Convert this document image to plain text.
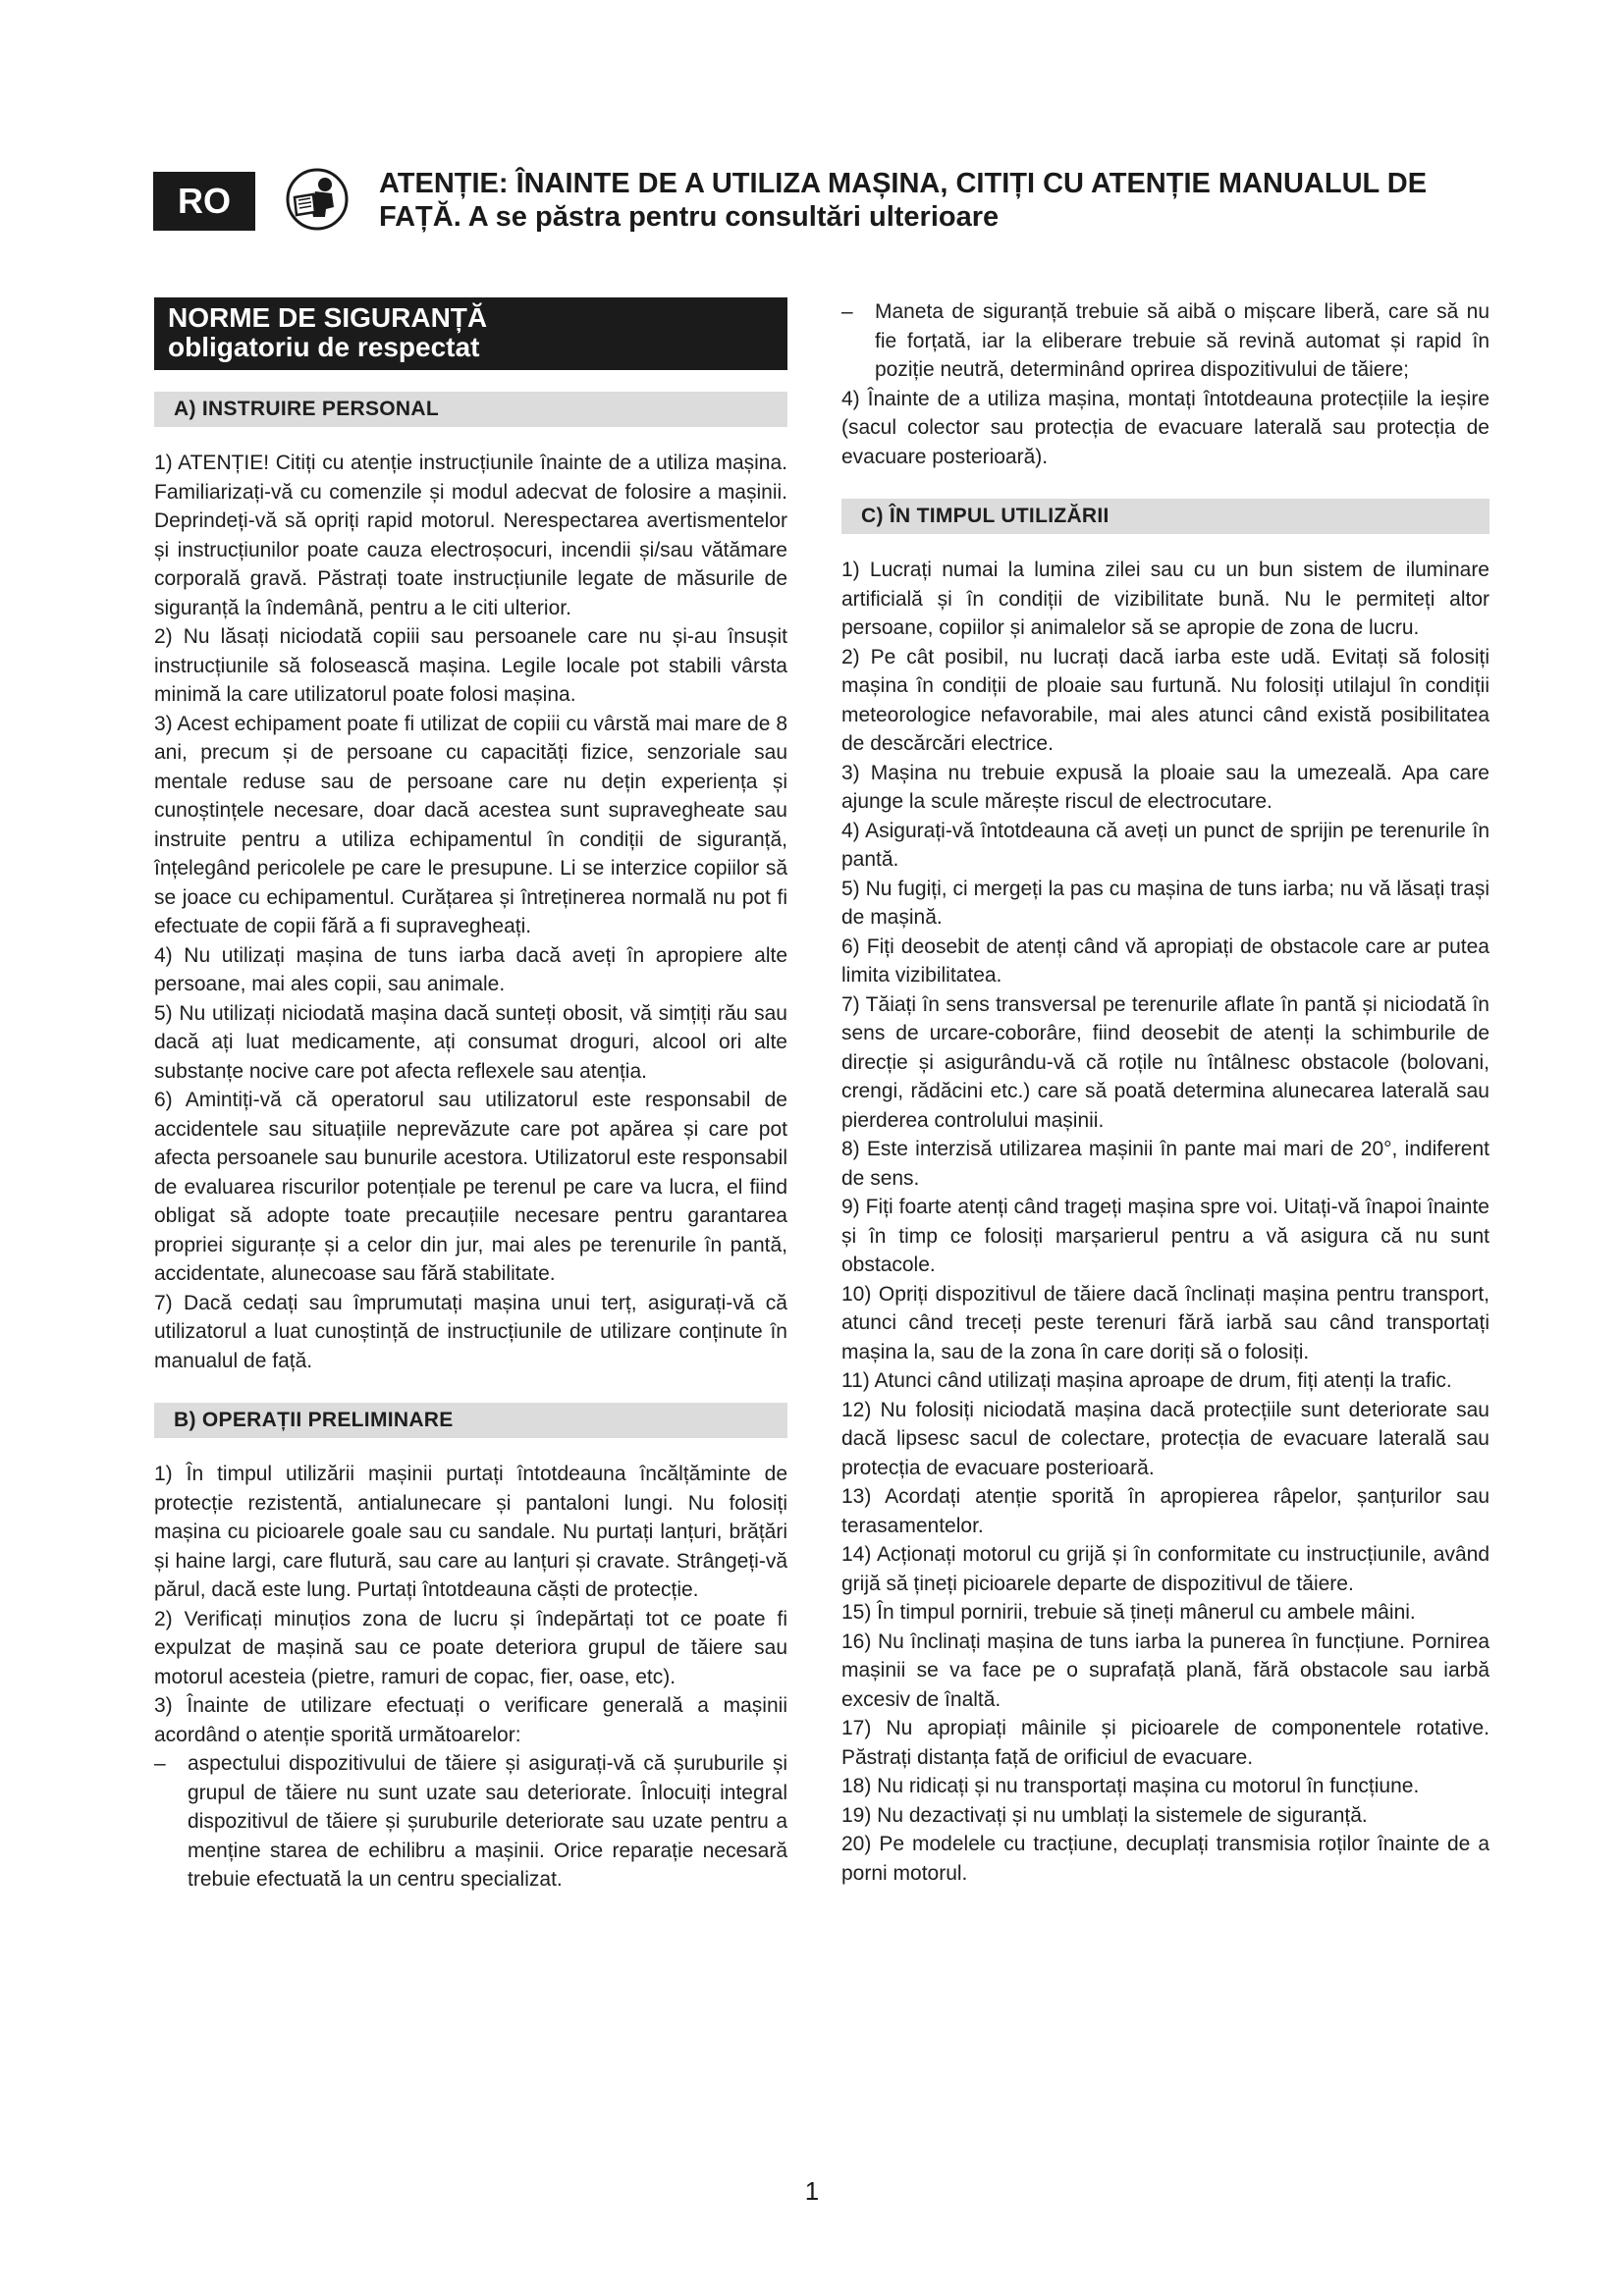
RO	ATENȚIE: ÎNAINTE DE A UTILIZA MAȘINA, CITIȚI CU ATENȚIE MANUALUL DE FAȚĂ. A se păstra pentru consultări ulterioare
NORME DE SIGURANȚĂ
obligatoriu de respectat
A) INSTRUIRE PERSONAL

1) ATENȚIE! Citiți cu atenție instrucțiunile înainte de a utiliza mașina. Familiarizați-vă cu comenzile și modul adecvat de folosire a mașinii. Deprindeți-vă să opriți rapid motorul. Nerespectarea avertismentelor și instrucțiunilor poate cauza electroșocuri, incendii și/sau vătămare corporală gravă. Păstrați toate instrucțiunile legate de măsurile de siguranță la îndemână, pentru a le citi ulterior.

2) Nu lăsați niciodată copiii sau persoanele care nu și-au însușit instrucțiunile să folosească mașina. Legile locale pot stabili vârsta minimă la care utilizatorul poate folosi mașina.

3) Acest echipament poate fi utilizat de copiii cu vârstă mai mare de 8 ani, precum și de persoane cu capacități fizice, senzoriale sau mentale reduse sau de persoane care nu dețin experiența și cunoștințele necesare, doar dacă acestea sunt supravegheate sau instruite pentru a utiliza echipamentul în condiții de siguranță, înțelegând pericolele pe care le presupune. Li se interzice copiilor să se joace cu echipamentul. Curățarea și întreținerea normală nu pot fi efectuate de copii fără a fi supravegheați.

4) Nu utilizați mașina de tuns iarba dacă aveți în apropiere alte persoane, mai ales copii, sau animale.

5) Nu utilizați niciodată mașina dacă sunteți obosit, vă simțiți rău sau dacă ați luat medicamente, ați consumat droguri, alcool ori alte substanțe nocive care pot afecta reflexele sau atenția.

6) Amintiți-vă că operatorul sau utilizatorul este responsabil de accidentele sau situațiile neprevăzute care pot apărea și care pot afecta persoanele sau bunurile acestora. Utilizatorul este responsabil de evaluarea riscurilor potențiale pe terenul pe care va lucra, el fiind obligat să adopte toate precauțiile necesare pentru garantarea propriei siguranțe și a celor din jur, mai ales pe terenurile în pantă, accidentate, alunecoase sau fără stabilitate.

7) Dacă cedați sau împrumutați mașina unui terț, asigurați-vă că utilizatorul a luat cunoștință de instrucțiunile de utilizare conținute în manualul de față.

B) OPERAȚII PRELIMINARE

1) În timpul utilizării mașinii purtați întotdeauna încălțăminte de protecție rezistentă, antialunecare și pantaloni lungi. Nu folosiți mașina cu picioarele goale sau cu sandale. Nu purtați lanțuri, brățări și haine largi, care flutură, sau care au lanțuri și cravate. Strângeți-vă părul, dacă este lung. Purtați întotdeauna căști de protecție.

2) Verificați minuțios zona de lucru și îndepărtați tot ce poate fi expulzat de mașină sau ce poate deteriora grupul de tăiere sau motorul acesteia (pietre, ramuri de copac, fier, oase, etc).

3) Înainte de utilizare efectuați o verificare generală a mașinii acordând o atenție sporită următoarelor:

–	aspectului dispozitivului de tăiere și asigurați-vă că șuruburile și grupul de tăiere nu sunt uzate sau deteriorate. Înlocuiți integral dispozitivul de tăiere și șuruburile deteriorate sau uzate pentru a menține starea de echilibru a mașinii. Orice reparație necesară trebuie efectuată la un centru specializat.
–	Maneta de siguranță trebuie să aibă o mișcare liberă, care să nu fie forțată, iar la eliberare trebuie să revină automat și rapid în poziție neutră, determinând oprirea dispozitivului de tăiere;

4) Înainte de a utiliza mașina, montați întotdeauna protecțiile la ieșire (sacul colector sau protecția de evacuare laterală sau protecția de evacuare posterioară).

C) ÎN TIMPUL UTILIZĂRII

1) Lucrați numai la lumina zilei sau cu un bun sistem de iluminare artificială și în condiții de vizibilitate bună. Nu le permiteți altor persoane, copiilor și animalelor să se apropie de zona de lucru.

2) Pe cât posibil, nu lucrați dacă iarba este udă. Evitați să folosiți mașina în condiții de ploaie sau furtună. Nu folosiți utilajul în condiții meteorologice nefavorabile, mai ales atunci când există posibilitatea de descărcări electrice.

3) Mașina nu trebuie expusă la ploaie sau la umezeală. Apa care ajunge la scule mărește riscul de electrocutare.

4) Asigurați-vă întotdeauna că aveți un punct de sprijin pe terenurile în pantă.

5) Nu fugiți, ci mergeți la pas cu mașina de tuns iarba; nu vă lăsați trași de mașină.

6) Fiți deosebit de atenți când vă apropiați de obstacole care ar putea limita vizibilitatea.

7) Tăiați în sens transversal pe terenurile aflate în pantă și niciodată în sens de urcare-coborâre, fiind deosebit de atenți la schimburile de direcție și asigurându-vă că roțile nu întâlnesc obstacole (bolovani, crengi, rădăcini etc.) care să poată determina alunecarea laterală sau pierderea controlului mașinii.

8) Este interzisă utilizarea mașinii în pante mai mari de 20°, indiferent de sens.

9) Fiți foarte atenți când trageți mașina spre voi. Uitați-vă înapoi înainte și în timp ce folosiți marșarierul pentru a vă asigura că nu sunt obstacole.

10) Opriți dispozitivul de tăiere dacă înclinați mașina pentru transport, atunci când treceți peste terenuri fără iarbă sau când transportați mașina la, sau de la zona în care doriți să o folosiți.

11) Atunci când utilizați mașina aproape de drum, fiți atenți la trafic.

12) Nu folosiți niciodată mașina dacă protecțiile sunt deteriorate sau dacă lipsesc sacul de colectare, protecția de evacuare laterală sau protecția de evacuare posterioară.

13) Acordați atenție sporită în apropierea râpelor, șanțurilor sau terasamentelor.

14) Acționați motorul cu grijă și în conformitate cu instrucțiunile, având grijă să țineți picioarele departe de dispozitivul de tăiere.

15) În timpul pornirii, trebuie să țineți mânerul cu ambele mâini.

16) Nu înclinați mașina de tuns iarba la punerea în funcțiune. Pornirea mașinii se va face pe o suprafață plană, fără obstacole sau iarbă excesiv de înaltă.

17) Nu apropiați mâinile și picioarele de componentele rotative. Păstrați distanța față de orificiul de evacuare.

18) Nu ridicați și nu transportați mașina cu motorul în funcțiune.

19) Nu dezactivați și nu umblați la sistemele de siguranță.

20) Pe modelele cu tracțiune, decuplați transmisia roților înainte de a porni motorul.

1
